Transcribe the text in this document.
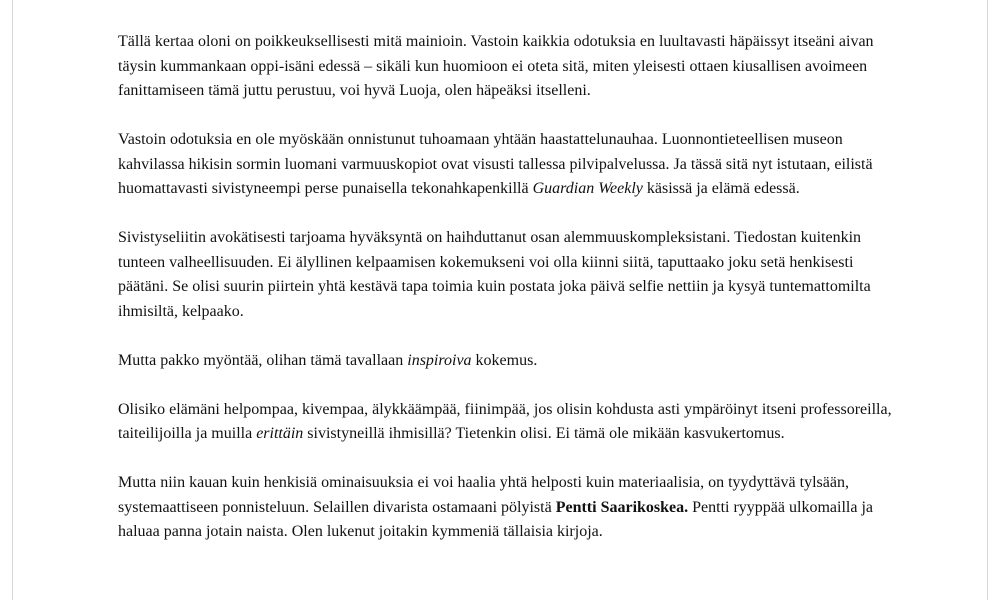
Tällä kertaa oloni on poikkeuksellisesti mitä mainioin. Vastoin kaikkia odotuksia en luultavasti häpäissyt itseäni aivan täysin kummankaan oppi-isäni edessä – sikäli kun huomioon ei oteta sitä, miten yleisesti ottaen kiusallisen avoimeen fanittamiseen tämä juttu perustuu, voi hyvä Luoja, olen häpeäksi itselleni.

Vastoin odotuksia en ole myöskään onnistunut tuhoamaan yhtään haastattelunauhaa. Luonnontieteellisen museon kahvilassa hikisin sormin luomani varmuuskopiot ovat visusti tallessa pilvipalvelussa. Ja tässä sitä nyt istutaan, eilistä huomattavasti sivistyneempi perse punaisella tekonahkapenkillä Guardian Weekly käsissä ja elämä edessä.

Sivistyseliitin avokätisesti tarjoama hyväksyntä on haihduttanut osan alemmuuskompleksistani. Tiedostan kuitenkin tunteen valheellisuuden. Ei älyllinen kelpaamisen kokemukseni voi olla kiinni siitä, taputtaako joku setä henkisesti päätäni. Se olisi suurin piirtein yhtä kestävä tapa toimia kuin postata joka päivä selfie nettiin ja kysyä tuntemattomilta ihmisiltä, kelpaako.

Mutta pakko myöntää, olihan tämä tavallaan inspiroiva kokemus.

Olisiko elämäni helpompaa, kivempaa, älykkäämpää, fiinimpää, jos olisin kohdusta asti ympäröinyt itseni professoreilla, taiteilijoilla ja muilla erittäin sivistyneillä ihmisillä? Tietenkin olisi. Ei tämä ole mikään kasvukertomus.

Mutta niin kauan kuin henkisiä ominaisuuksia ei voi haalia yhtä helposti kuin materiaalisia, on tyydyttävä tylsään, systemaattiseen ponnisteluun. Selaillen divarista ostamaani pölyistä Pentti Saarikoskea. Pentti ryyppää ulkomailla ja haluaa panna jotain naista. Olen lukenut joitakin kymmeniä tällaisia kirjoja.
